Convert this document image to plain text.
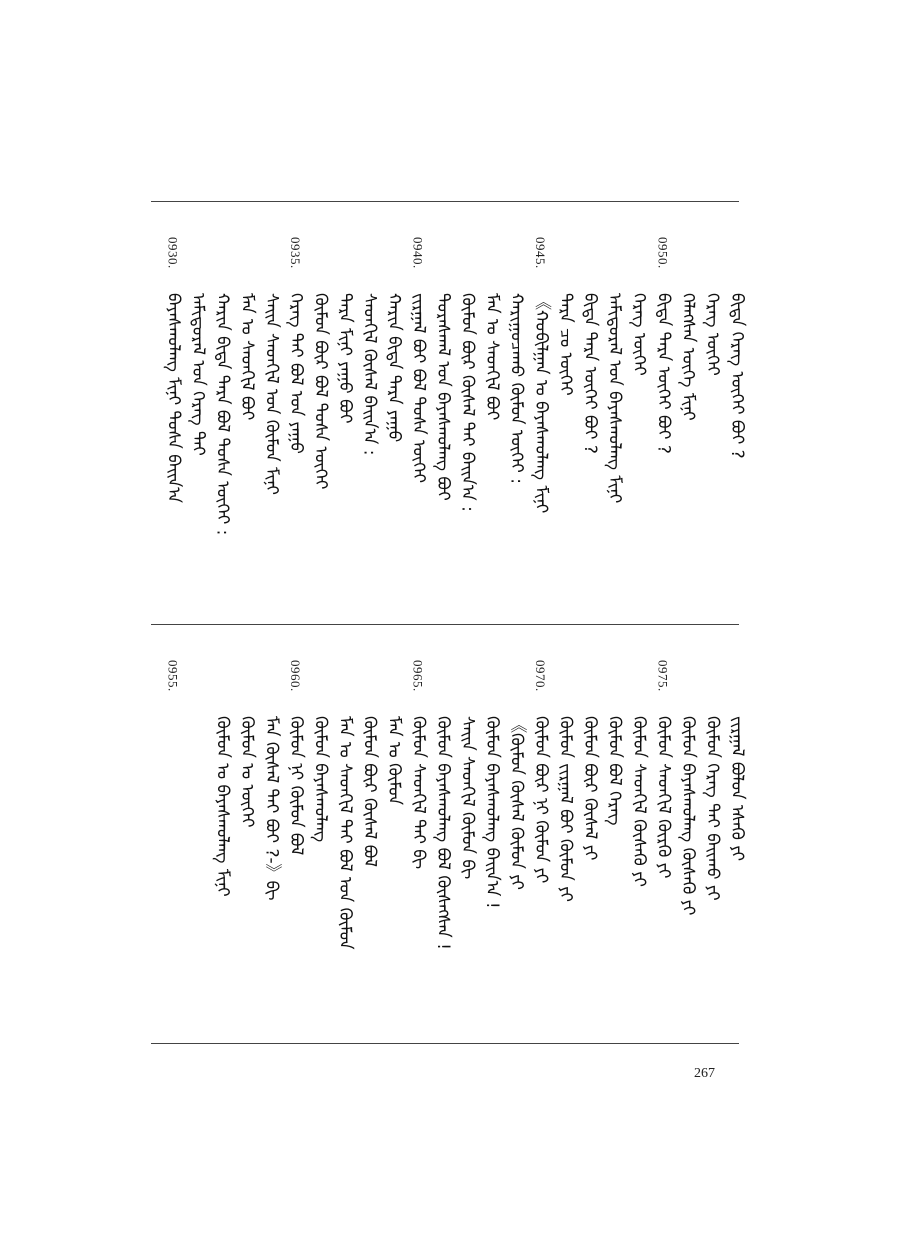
ᠪᠢᠳᠡ ᠬᠡᠷᠡᠭ ᠦᠭᠡᠢ ᠪᠤᠢ ?
ᠬᠡᠷᠡᠭ ᠦᠭᠡᠢ
ᠬᠡᠯᠡᠭᠰᠡᠨ ᠦᠭᠡ ᠮᠢᠨᠢ
ᠪᠢᠳᠡ ᠲᠡᠷᠡ ᠦᠭᠡᠢ ᠪᠤᠢ ?
ᠬᠡᠷᠡᠭ ᠦᠭᠡᠢ
ᠠᠮᠢᠳᠤᠷᠠᠯ ᠤᠨ ᠪᠠᠶᠠᠰᠬᠤᠯᠠᠩ ᠮᠢᠨᠢ
ᠪᠢᠳᠡ ᠲᠡᠷᠡ ᠦᠭᠡᠢ ᠪᠤᠢ ?
ᠲᠡᠷᠡ ᠴᠤ ᠦᠭᠡᠢ
《ᠬᠤᠪᠢᠯᠭᠠᠨ ᠤ ᠪᠠᠶᠠᠰᠬᠤᠯᠠᠩ ᠮᠢᠨᠢ
ᠬᠠᠷᠢᠭᠤᠴᠠᠬᠤ ᠬᠦᠮᠦᠨ ᠦᠭᠡᠢ :
ᠮᠠᠨ ᠤ ᠰᠡᠳᠬᠢᠯ ᠪᠤᠢ
ᠬᠦᠮᠦᠨ ᠪᠦᠷ ᠬᠦᠰᠡᠯ ᠲᠡᠢ ᠪᠠᠢᠨ᠎ᠠ :
ᠳᠤᠷᠠᠰᠬᠠᠯ ᠤᠨ ᠪᠠᠶᠠᠰᠬᠤᠯᠠᠩ ᠪᠤᠢ
ᠵᠢᠷᠭᠠᠯ ᠪᠤᠢ ᠪᠤᠯ ᠲᠤᠰᠠ ᠦᠭᠡᠢ
ᠬᠠᠷᠢᠨ ᠪᠢᠳᠡ ᠲᠡᠷᠡ ᠶᠠᠭᠤ
ᠰᠡᠳᠬᠢᠯ ᠬᠦᠰᠡᠯ ᠪᠠᠢᠨ᠎ᠠ :
ᠲᠡᠷᠡ ᠮᠢᠨᠢ ᠶᠠᠭᠤ ᠪᠤᠢ
ᠬᠦᠮᠦᠨ ᠪᠦᠷ ᠪᠤᠯ ᠲᠤᠰᠠ ᠦᠭᠡᠢ
ᠬᠡᠷᠡᠭ ᠲᠡᠢ ᠪᠤᠯ ᠤᠨ ᠶᠠᠭᠤ
ᠰᠠᠢᠨ ᠰᠡᠳᠬᠢᠯ ᠤᠨ ᠬᠦᠮᠦᠨ ᠮᠢᠨᠢ
ᠮᠠᠨ ᠤ ᠰᠡᠳᠬᠢᠯ ᠪᠤᠢ
ᠬᠠᠷᠢᠨ ᠪᠢᠳᠡ ᠲᠡᠷᠡ ᠪᠤᠯ ᠲᠤᠰᠠ ᠦᠭᠡᠢ :
ᠠᠮᠢᠳᠤᠷᠠᠯ ᠤᠨ ᠬᠡᠷᠡᠭ ᠲᠡᠢ
ᠪᠠᠶᠠᠰᠬᠤᠯᠠᠩ ᠮᠢᠨᠢ ᠲᠤᠰᠠ ᠪᠠᠢᠨ᠎ᠠ
0950.
0945.
0940.
0935.
0930.
ᠵᠢᠷᠭᠠᠯ ᠪᠤᠯᠤᠨ ᠡᠰᠡᠬᠦ ᠶᠢ
ᠬᠦᠮᠦᠨ ᠬᠡᠷᠡᠭ ᠲᠡᠢ ᠪᠠᠢᠬᠤ ᠶᠢ
ᠬᠦᠮᠦᠨ ᠪᠠᠶᠠᠰᠬᠤᠯᠠᠩ ᠬᠦᠰᠡᠬᠦ ᠶᠢ
ᠬᠦᠮᠦᠨ ᠰᠡᠳᠬᠢᠯ ᠬᠦᠷᠬᠦ ᠶᠢ
ᠬᠦᠮᠦᠨ ᠰᠡᠳᠬᠢᠯ ᠬᠦᠰᠡᠬᠦ ᠶᠢ
ᠬᠦᠮᠦᠨ ᠪᠤᠯ ᠬᠡᠷᠡᠭ
ᠬᠦᠮᠦᠨ ᠪᠦᠷ ᠬᠦᠰᠡᠯ ᠶᠢ
ᠬᠦᠮᠦᠨ ᠵᠢᠷᠭᠠᠯ ᠪᠤᠢ ᠬᠦᠮᠦᠨ ᠶᠢ
ᠬᠦᠮᠦᠨ ᠪᠦᠷ ᠨᠢ ᠬᠦᠮᠦᠨ ᠶᠢ
《ᠬᠦᠮᠦᠨ ᠬᠦᠰᠡᠯ ᠬᠦᠮᠦᠨ ᠶᠢ
ᠬᠦᠮᠦᠨ ᠪᠠᠶᠠᠰᠬᠤᠯᠠᠩ ᠪᠠᠢᠨ᠎ᠠ !
ᠰᠠᠢᠨ ᠰᠡᠳᠬᠢᠯ ᠬᠦᠮᠦᠨ ᠪᠢ
ᠬᠦᠮᠦᠨ ᠪᠠᠶᠠᠰᠬᠤᠯᠠᠩ ᠪᠤᠯ ᠬᠦᠰᠡᠭᠰᠡᠨ !
ᠬᠦᠮᠦᠨ ᠰᠡᠳᠬᠢᠯ ᠲᠡᠢ ᠪᠢ
ᠮᠠᠨ ᠤ ᠬᠦᠮᠦᠨ
ᠬᠦᠮᠦᠨ ᠪᠦᠷ ᠬᠦᠰᠡᠯ ᠪᠤᠯ
ᠮᠠᠨ ᠤ ᠰᠡᠳᠬᠢᠯ ᠲᠡᠢ ᠪᠤᠯ ᠤᠨ ᠬᠦᠮᠦᠨ
ᠬᠦᠮᠦᠨ ᠪᠠᠶᠠᠰᠬᠤᠯᠠᠩ
ᠬᠦᠮᠦᠨ ᠨᠢ ᠬᠦᠮᠦᠨ ᠪᠤᠯ
ᠮᠠᠨ ᠬᠦᠰᠡᠯ ᠲᠡᠢ ᠪᠤᠢ ?-》ᠪᠢ
ᠬᠦᠮᠦᠨ ᠤ ᠦᠭᠡᠢ
ᠬᠦᠮᠦᠨ ᠤ ᠪᠠᠶᠠᠰᠬᠤᠯᠠᠩ ᠮᠢᠨᠢ
0975.
0970.
0965.
0960.
0955.
267
